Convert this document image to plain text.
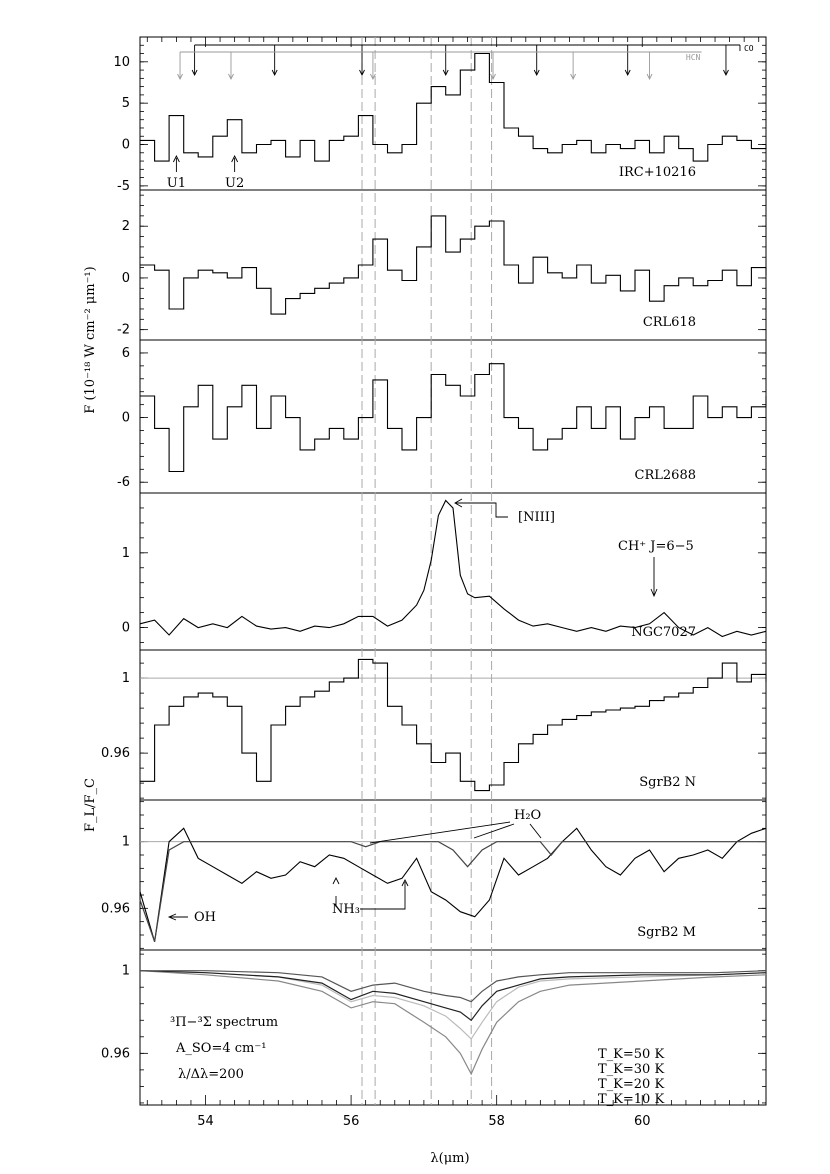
-5
0
5
10
IRC+10216
-2
0
2
CRL618
-6
0
6
CRL2688
0
1
NGC7027
0.96
1
SgrB2 N
0.96
1
SgrB2 M
0.96
1
U1	U2
CO
HCN
[NIII]
CH⁺ J=6−5
OH
NH₃
H₂O
³Π−³Σ spectrum
A_SO=4 cm⁻¹
λ/Δλ=200
T_K=50 K
T_K=30 K
T_K=20 K
T_K=10 K
54	56	58	60
λ(μm)
F (10⁻¹⁸ W cm⁻² μm⁻¹)
F_L/F_C
